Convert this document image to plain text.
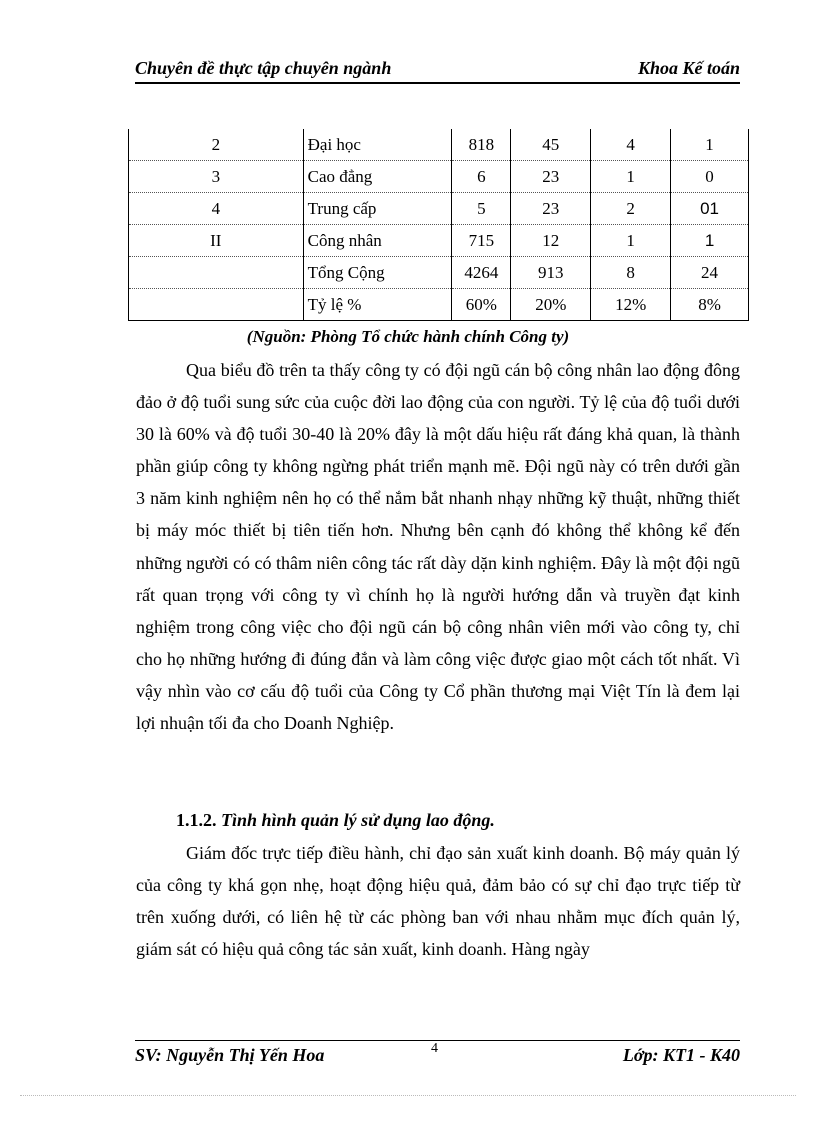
Chuyên đề thực tập chuyên ngành	Khoa Kế toán
2	Đại học	818	45	4	1
3	Cao đẳng	6	23	1	0
4	Trung cấp	5	23	2	01
II	Công nhân	715	12	1	1
	Tổng Cộng	4264	913	8	24
	Tỷ lệ %	60%	20%	12%	8%
(Nguồn: Phòng Tổ chức hành chính Công ty)

Qua biểu đồ trên ta thấy công ty có đội ngũ cán bộ công nhân lao động đông đảo ở độ tuổi sung sức của cuộc đời lao động của con người. Tỷ lệ của độ tuổi dưới 30 là 60% và độ tuổi 30-40 là 20% đây là một dấu hiệu rất đáng khả quan, là thành phần giúp công ty không ngừng phát triển mạnh mẽ. Đội ngũ này có trên dưới gần 3 năm kinh nghiệm nên họ có thể nắm bắt nhanh nhạy những kỹ thuật, những thiết bị máy móc thiết bị tiên tiến hơn. Nhưng bên cạnh đó không thể không kể đến những người có có thâm niên công tác rất dày dặn kinh nghiệm. Đây là một đội ngũ rất quan trọng với công ty vì chính họ là người hướng dẫn và truyền đạt kinh nghiệm trong công việc cho đội ngũ cán bộ công nhân viên mới vào công ty, chỉ cho họ những hướng đi đúng đắn và làm công việc được giao một cách tốt nhất. Vì vậy nhìn vào cơ cấu độ tuổi của Công ty Cổ phần thương mại Việt Tín là đem lại lợi nhuận tối đa cho Doanh Nghiệp.

1.1.2. Tình hình quản lý sử dụng lao động.

Giám đốc trực tiếp điều hành, chỉ đạo sản xuất kinh doanh. Bộ máy quản lý của công ty khá gọn nhẹ, hoạt động hiệu quả, đảm bảo có sự chỉ đạo trực tiếp từ trên xuống dưới, có liên hệ từ các phòng ban với nhau nhằm mục đích quản lý, giám sát có hiệu quả công tác sản xuất, kinh doanh. Hàng ngày

SV: Nguyễn Thị Yến Hoa	4	Lớp: KT1 - K40
